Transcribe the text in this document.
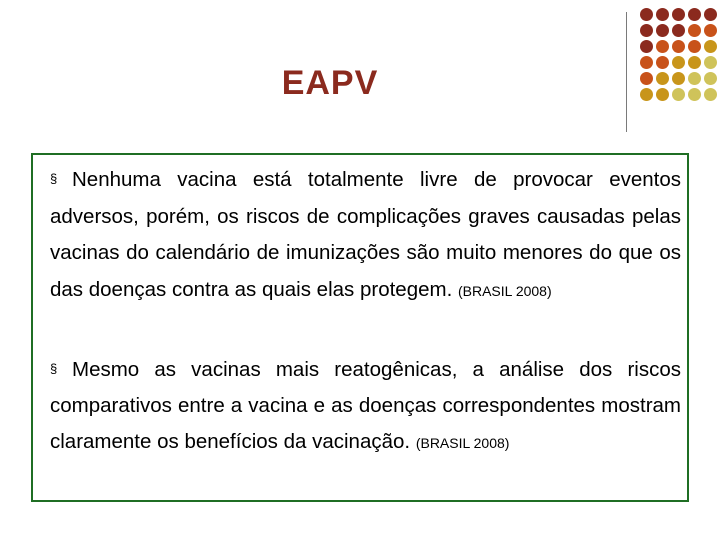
EAPV
§ Nenhuma vacina está totalmente livre de provocar eventos adversos, porém, os riscos de complicações graves causadas pelas vacinas do calendário de imunizações são muito menores do que os das doenças contra as quais elas protegem. (BRASIL 2008)
§ Mesmo as vacinas mais reatogênicas, a análise dos riscos comparativos entre a vacina e as doenças correspondentes mostram claramente os benefícios da vacinação. (BRASIL 2008)
